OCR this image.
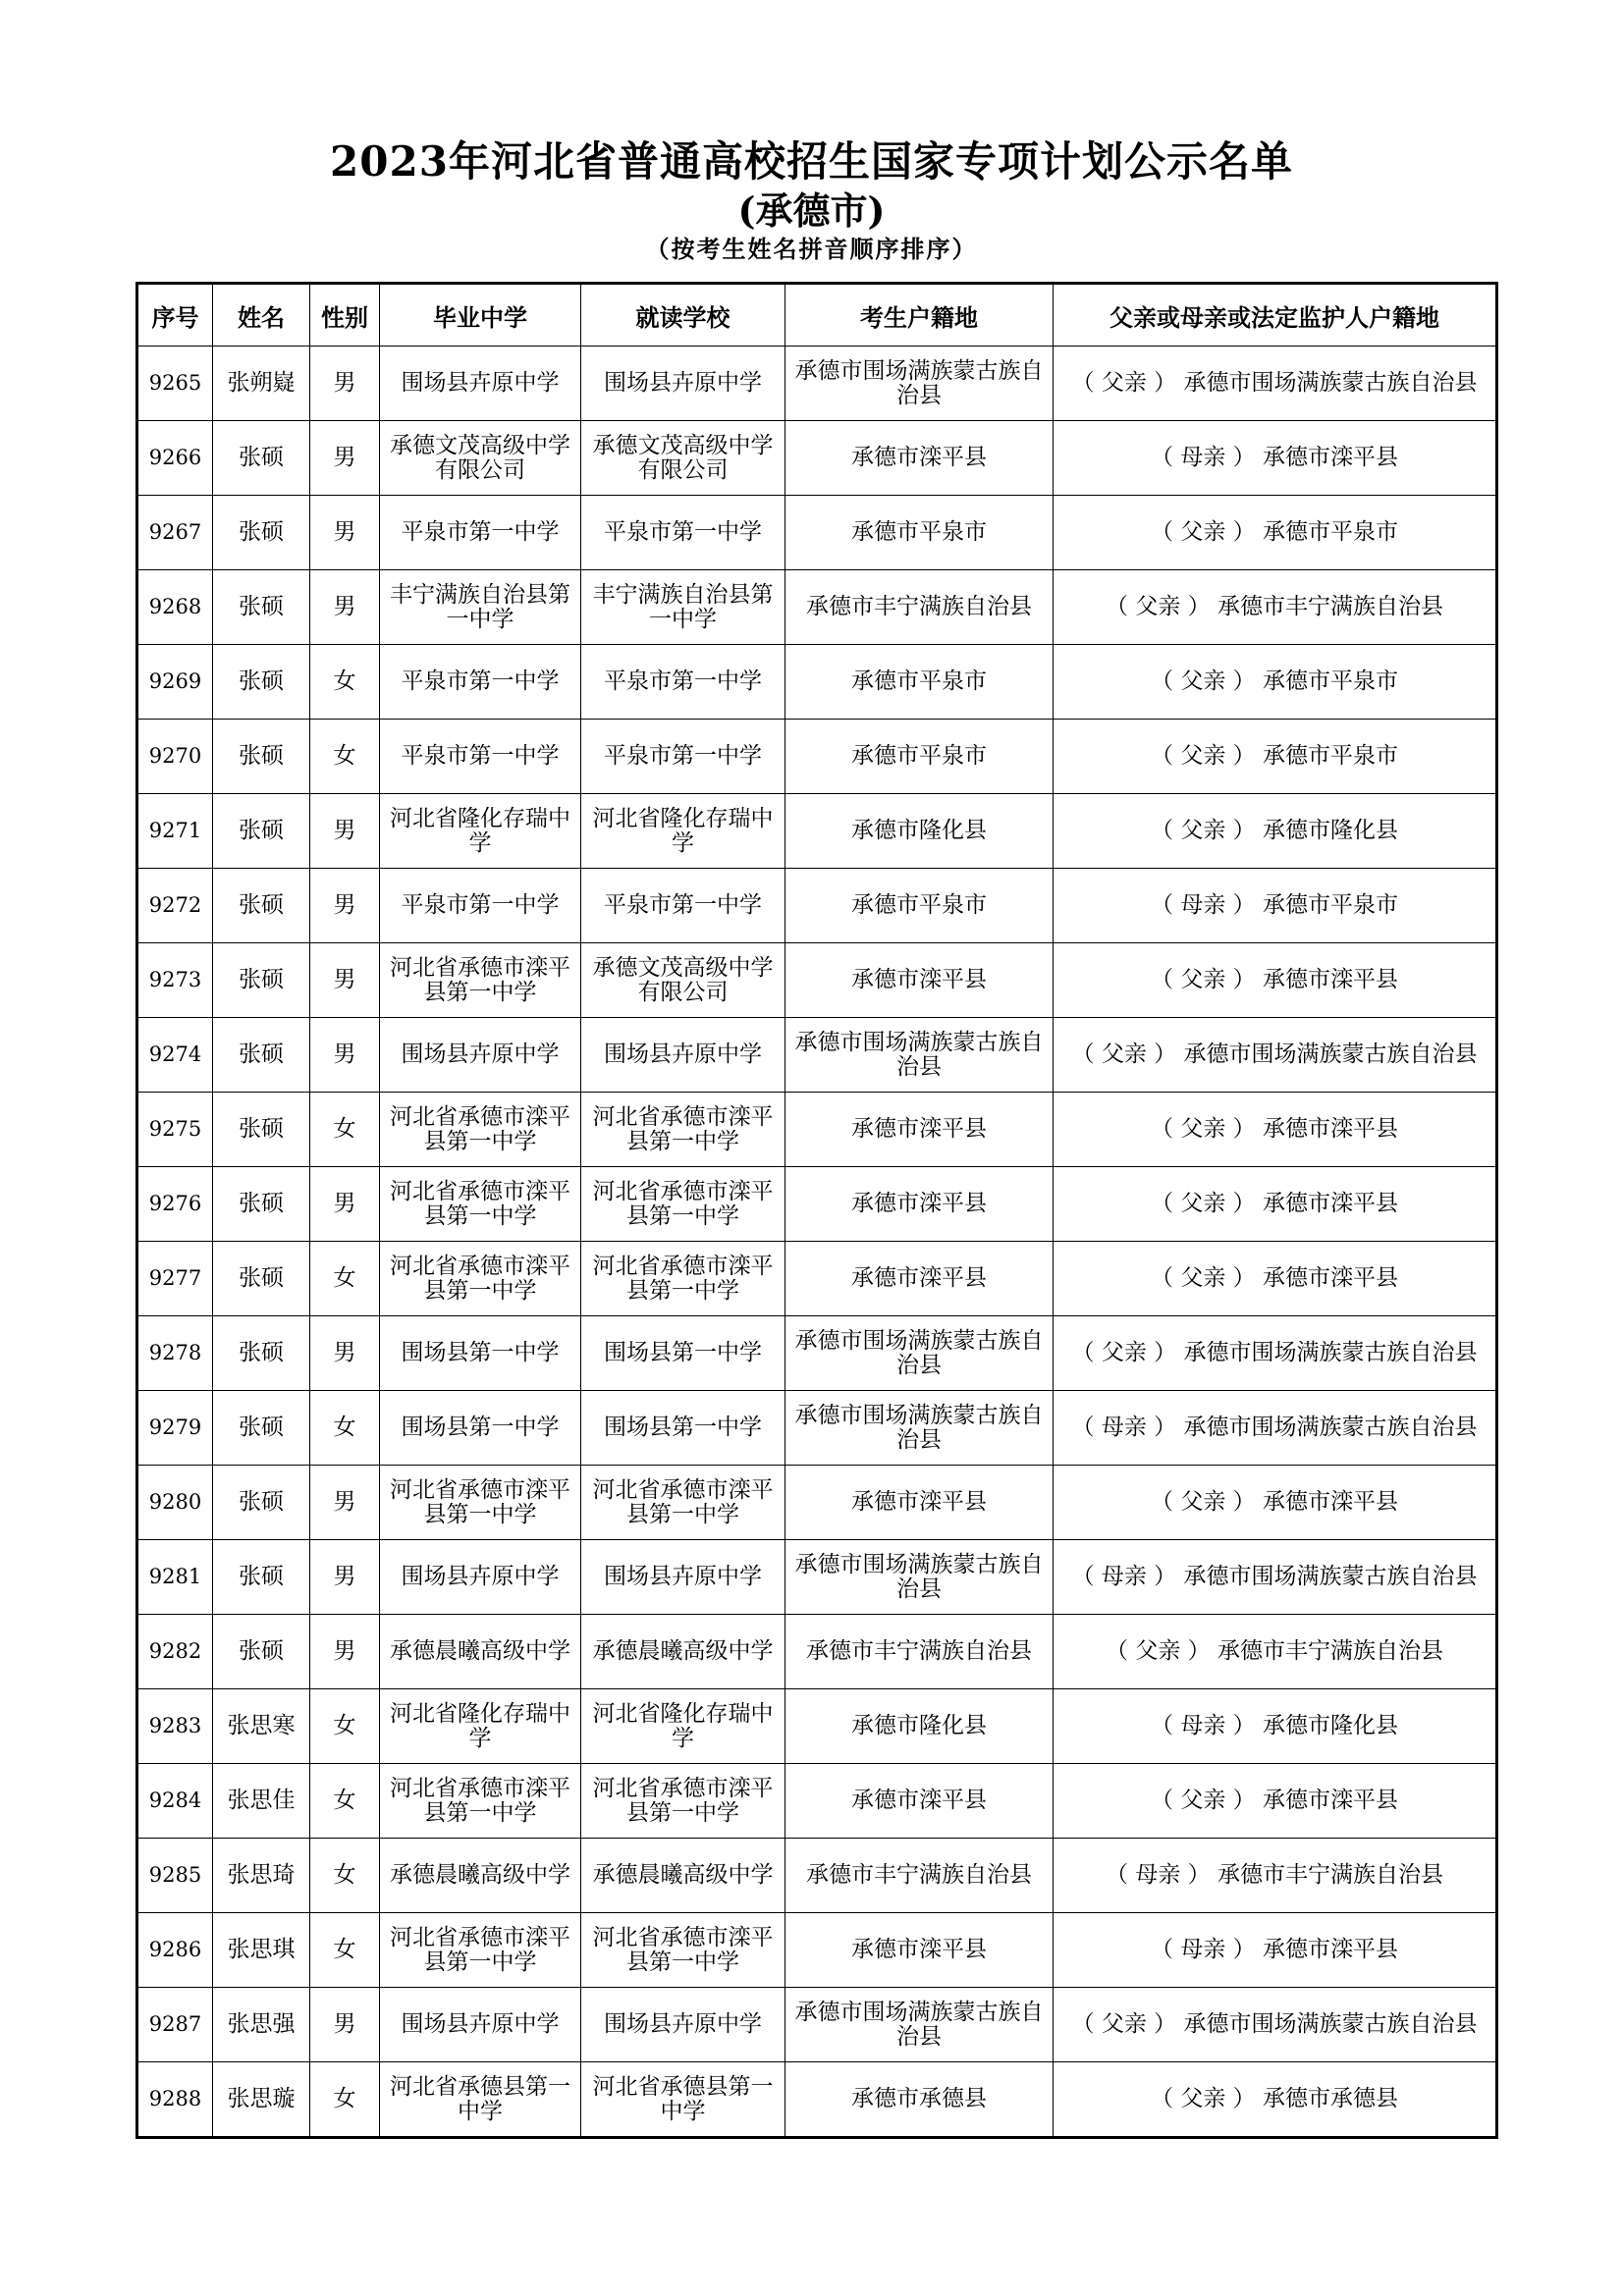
2023年河北省普通高校招生国家专项计划公示名单
(承德市)
（按考生姓名拼音顺序排序）
序号	姓名	性别	毕业中学	就读学校	考生户籍地	父亲或母亲或法定监护人户籍地
9265	张朔嶷	男	围场县卉原中学	围场县卉原中学	承德市围场满族蒙古族自治县	（ 父亲 ） 承德市围场满族蒙古族自治县
9266	张硕	男	承德文茂高级中学有限公司	承德文茂高级中学有限公司	承德市滦平县	（ 母亲 ） 承德市滦平县
9267	张硕	男	平泉市第一中学	平泉市第一中学	承德市平泉市	（ 父亲 ） 承德市平泉市
9268	张硕	男	丰宁满族自治县第一中学	丰宁满族自治县第一中学	承德市丰宁满族自治县	（ 父亲 ） 承德市丰宁满族自治县
9269	张硕	女	平泉市第一中学	平泉市第一中学	承德市平泉市	（ 父亲 ） 承德市平泉市
9270	张硕	女	平泉市第一中学	平泉市第一中学	承德市平泉市	（ 父亲 ） 承德市平泉市
9271	张硕	男	河北省隆化存瑞中学	河北省隆化存瑞中学	承德市隆化县	（ 父亲 ） 承德市隆化县
9272	张硕	男	平泉市第一中学	平泉市第一中学	承德市平泉市	（ 母亲 ） 承德市平泉市
9273	张硕	男	河北省承德市滦平县第一中学	承德文茂高级中学有限公司	承德市滦平县	（ 父亲 ） 承德市滦平县
9274	张硕	男	围场县卉原中学	围场县卉原中学	承德市围场满族蒙古族自治县	（ 父亲 ） 承德市围场满族蒙古族自治县
9275	张硕	女	河北省承德市滦平县第一中学	河北省承德市滦平县第一中学	承德市滦平县	（ 父亲 ） 承德市滦平县
9276	张硕	男	河北省承德市滦平县第一中学	河北省承德市滦平县第一中学	承德市滦平县	（ 父亲 ） 承德市滦平县
9277	张硕	女	河北省承德市滦平县第一中学	河北省承德市滦平县第一中学	承德市滦平县	（ 父亲 ） 承德市滦平县
9278	张硕	男	围场县第一中学	围场县第一中学	承德市围场满族蒙古族自治县	（ 父亲 ） 承德市围场满族蒙古族自治县
9279	张硕	女	围场县第一中学	围场县第一中学	承德市围场满族蒙古族自治县	（ 母亲 ） 承德市围场满族蒙古族自治县
9280	张硕	男	河北省承德市滦平县第一中学	河北省承德市滦平县第一中学	承德市滦平县	（ 父亲 ） 承德市滦平县
9281	张硕	男	围场县卉原中学	围场县卉原中学	承德市围场满族蒙古族自治县	（ 母亲 ） 承德市围场满族蒙古族自治县
9282	张硕	男	承德晨曦高级中学	承德晨曦高级中学	承德市丰宁满族自治县	（ 父亲 ） 承德市丰宁满族自治县
9283	张思寒	女	河北省隆化存瑞中学	河北省隆化存瑞中学	承德市隆化县	（ 母亲 ） 承德市隆化县
9284	张思佳	女	河北省承德市滦平县第一中学	河北省承德市滦平县第一中学	承德市滦平县	（ 父亲 ） 承德市滦平县
9285	张思琦	女	承德晨曦高级中学	承德晨曦高级中学	承德市丰宁满族自治县	（ 母亲 ） 承德市丰宁满族自治县
9286	张思琪	女	河北省承德市滦平县第一中学	河北省承德市滦平县第一中学	承德市滦平县	（ 母亲 ） 承德市滦平县
9287	张思强	男	围场县卉原中学	围场县卉原中学	承德市围场满族蒙古族自治县	（ 父亲 ） 承德市围场满族蒙古族自治县
9288	张思璇	女	河北省承德县第一中学	河北省承德县第一中学	承德市承德县	（ 父亲 ） 承德市承德县
